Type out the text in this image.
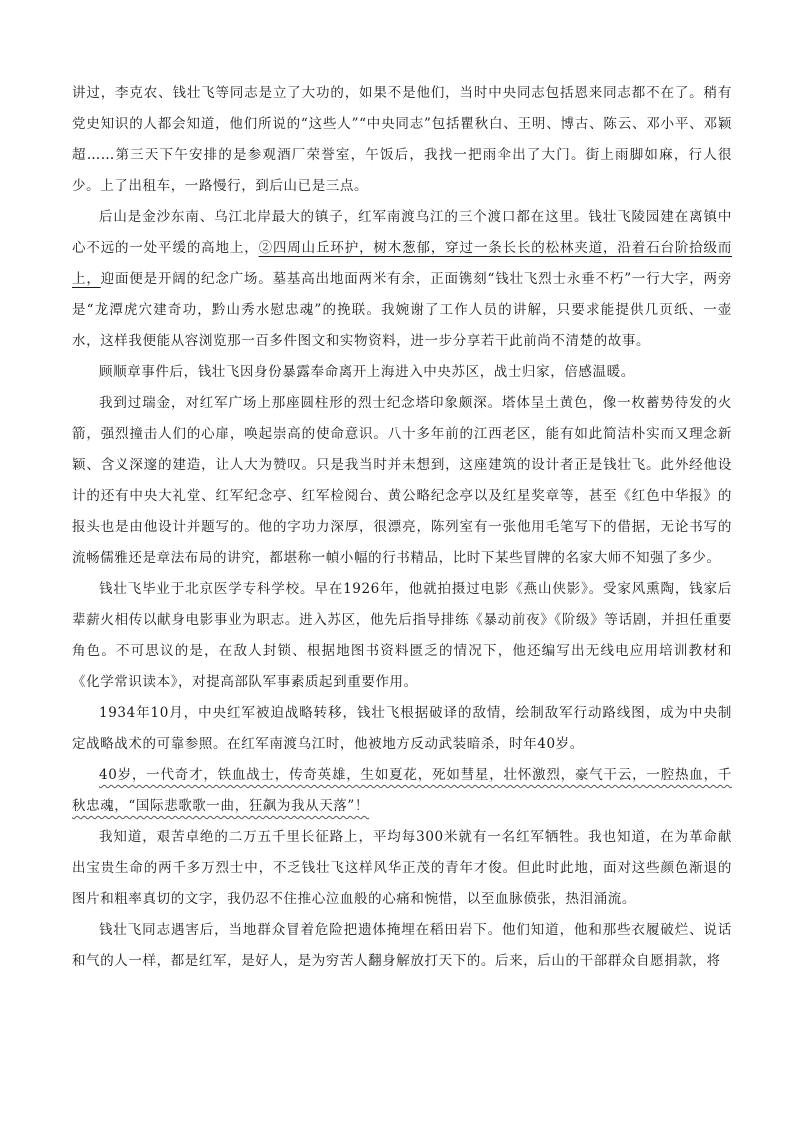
讲过，李克农、钱壮飞等同志是立了大功的，如果不是他们，当时中央同志包括恩来同志都不在了。稍有党史知识的人都会知道，他们所说的“这些人”“中央同志”包括瞿秋白、王明、博古、陈云、邓小平、邓颖超……第三天下午安排的是参观酒厂荣誉室，午饭后，我找一把雨伞出了大门。街上雨脚如麻，行人很少。上了出租车，一路慢行，到后山已是三点。

后山是金沙东南、乌江北岸最大的镇子，红军南渡乌江的三个渡口都在这里。钱壮飞陵园建在离镇中心不远的一处平缓的高地上，②四周山丘环护，树木葱郁，穿过一条长长的松林夹道，沿着石台阶拾级而上，迎面便是开阔的纪念广场。墓基高出地面两米有余，正面镌刻“钱壮飞烈士永垂不朽”一行大字，两旁是“龙潭虎穴建奇功，黔山秀水慰忠魂”的挽联。我婉谢了工作人员的讲解，只要求能提供几页纸、一壶水，这样我便能从容浏览那一百多件图文和实物资料，进一步分享若干此前尚不清楚的故事。

顾顺章事件后，钱壮飞因身份暴露奉命离开上海进入中央苏区，战士归家，倍感温暖。

我到过瑞金，对红军广场上那座圆柱形的烈士纪念塔印象颇深。塔体呈土黄色，像一枚蓄势待发的火箭，强烈撞击人们的心扉，唤起崇高的使命意识。八十多年前的江西老区，能有如此简洁朴实而又理念新颖、含义深邃的建造，让人大为赞叹。只是我当时并未想到，这座建筑的设计者正是钱壮飞。此外经他设计的还有中央大礼堂、红军纪念亭、红军检阅台、黄公略纪念亭以及红星奖章等，甚至《红色中华报》的报头也是由他设计并题写的。他的字功力深厚，很漂亮，陈列室有一张他用毛笔写下的借据，无论书写的流畅儒雅还是章法布局的讲究，都堪称一幀小幅的行书精品，比时下某些冒牌的名家大师不知强了多少。

钱壮飞毕业于北京医学专科学校。早在1926年，他就拍摄过电影《燕山侠影》。受家风熏陶，钱家后辈薪火相传以献身电影事业为职志。进入苏区，他先后指导排练《暴动前夜》《阶级》等话剧，并担任重要角色。不可思议的是，在敌人封锁、根据地图书资料匮乏的情况下，他还编写出无线电应用培训教材和《化学常识读本》，对提高部队军事素质起到重要作用。

1934年10月，中央红军被迫战略转移，钱壮飞根据破译的敌情，绘制敌军行动路线图，成为中央制定战略战术的可靠参照。在红军南渡乌江时，他被地方反动武装暗杀，时年40岁。

40岁，一代奇才，铁血战士，传奇英雄，生如夏花，死如彗星，壮怀激烈，豪气干云，一腔热血，千秋忠魂，“国际悲歌歌一曲，狂飙为我从天落”！

我知道，艰苦卓绝的二万五千里长征路上，平均每300米就有一名红军牺牲。我也知道，在为革命献出宝贵生命的两千多万烈士中，不乏钱壮飞这样风华正茂的青年才俊。但此时此地，面对这些颜色渐退的图片和粗率真切的文字，我仍忍不住推心泣血般的心痛和惋惜，以至血脉偾张，热泪涌流。

钱壮飞同志遇害后，当地群众冒着危险把遗体掩埋在稻田岩下。他们知道，他和那些衣履破烂、说话和气的人一样，都是红军，是好人，是为穷苦人翻身解放打天下的。后来，后山的干部群众自愿捐款，将
